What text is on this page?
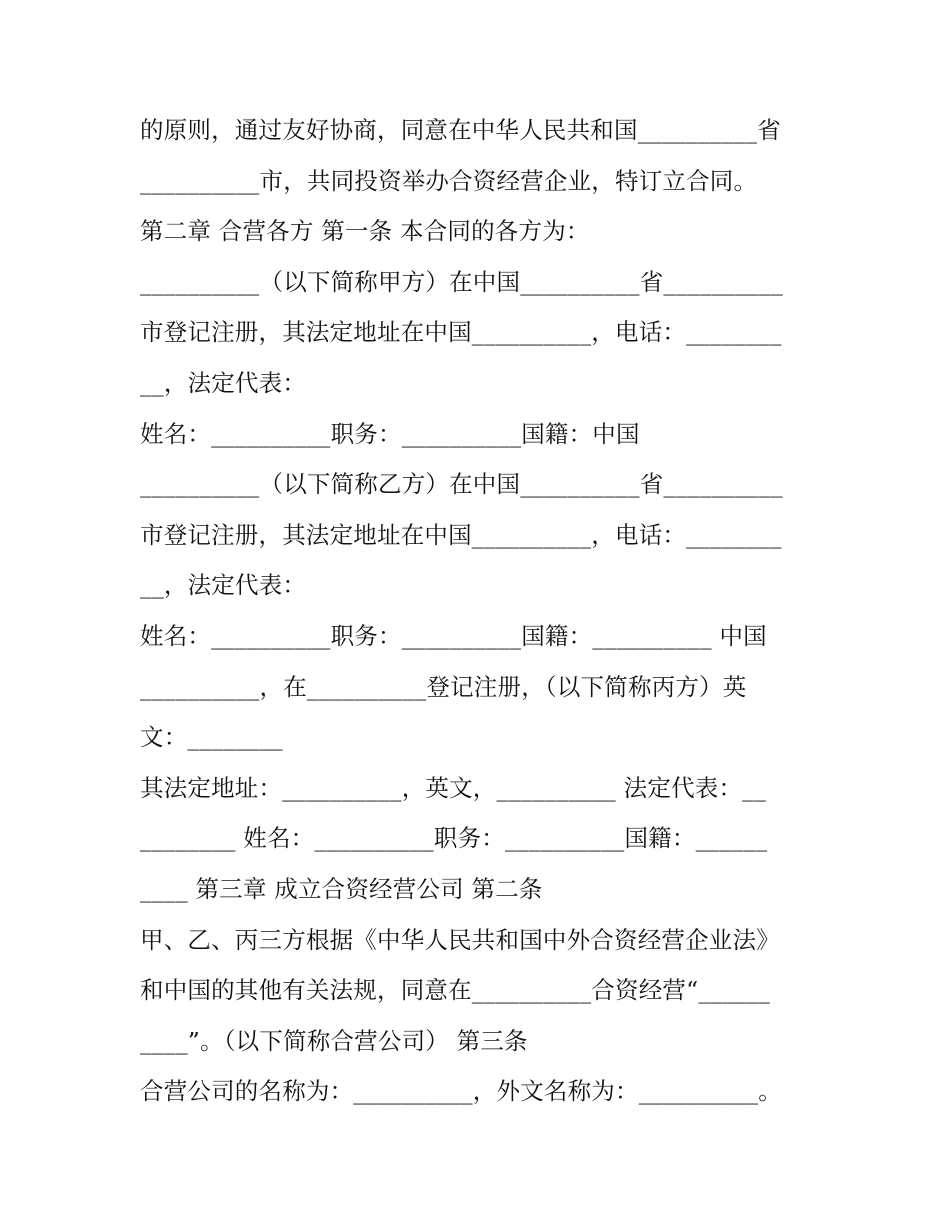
的原则，通过友好协商，同意在中华人民共和国__________省
__________市，共同投资举办合资经营企业，特订立合同。
第二章 合营各方 第一条 本合同的各方为：
__________（以下简称甲方）在中国__________省__________
市登记注册，其法定地址在中国__________，电话：________
__，法定代表：
姓名：__________职务：__________国籍：中国
__________（以下简称乙方）在中国__________省__________
市登记注册，其法定地址在中国__________，电话：________
__，法定代表：
姓名：__________职务：__________国籍：__________ 中国
__________，在__________登记注册，（以下简称丙方）英
文：________
其法定地址：__________，英文，__________ 法定代表：__
________ 姓名：__________职务：__________国籍：______
____ 第三章 成立合资经营公司 第二条
甲、乙、丙三方根据《中华人民共和国中外合资经营企业法》
和中国的其他有关法规，同意在__________合资经营“______
____”。（以下简称合营公司） 第三条
合营公司的名称为：__________，外文名称为：__________。
